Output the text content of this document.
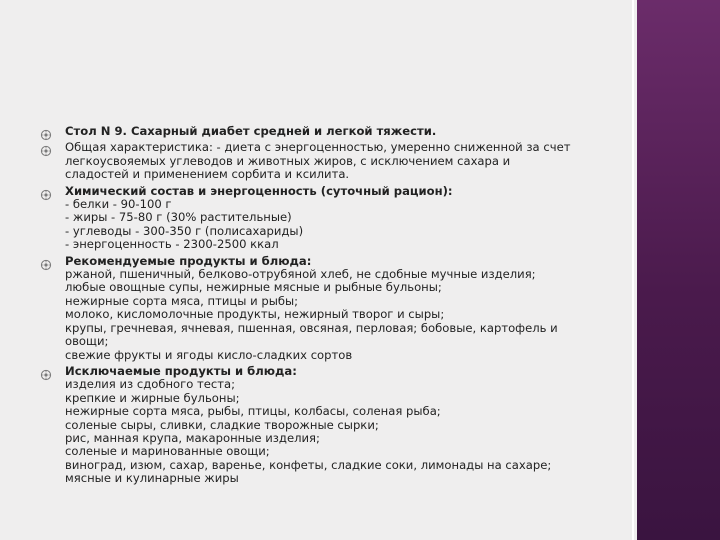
Стол N 9. Сахарный диабет средней и легкой тяжести.
Общая характеристика: - диета с энергоценностью, умеренно сниженной за счет
легкоусвояемых углеводов и животных жиров, с исключением сахара и
сладостей и применением сорбита и ксилита.
Химический состав и энергоценность (суточный рацион):
- белки - 90-100 г
- жиры - 75-80 г (30% растительные)
- углеводы - 300-350 г (полисахариды)
- энергоценность - 2300-2500 ккал
Рекомендуемые продукты и блюда:
ржаной, пшеничный, белково-отрубяной хлеб, не сдобные мучные изделия;
любые овощные супы, нежирные мясные и рыбные бульоны;
нежирные сорта мяса, птицы и рыбы;
молоко, кисломолочные продукты, нежирный творог и сыры;
крупы, гречневая, ячневая, пшенная, овсяная, перловая; бобовые, картофель и
овощи;
свежие фрукты и ягоды кисло-сладких сортов
Исключаемые продукты и блюда:
изделия из сдобного теста;
крепкие и жирные бульоны;
нежирные сорта мяса, рыбы, птицы, колбасы, соленая рыба;
соленые сыры, сливки, сладкие творожные сырки;
рис, манная крупа, макаронные изделия;
соленые и маринованные овощи;
виноград, изюм, сахар, варенье, конфеты, сладкие соки, лимонады на сахаре;
мясные и кулинарные жиры
